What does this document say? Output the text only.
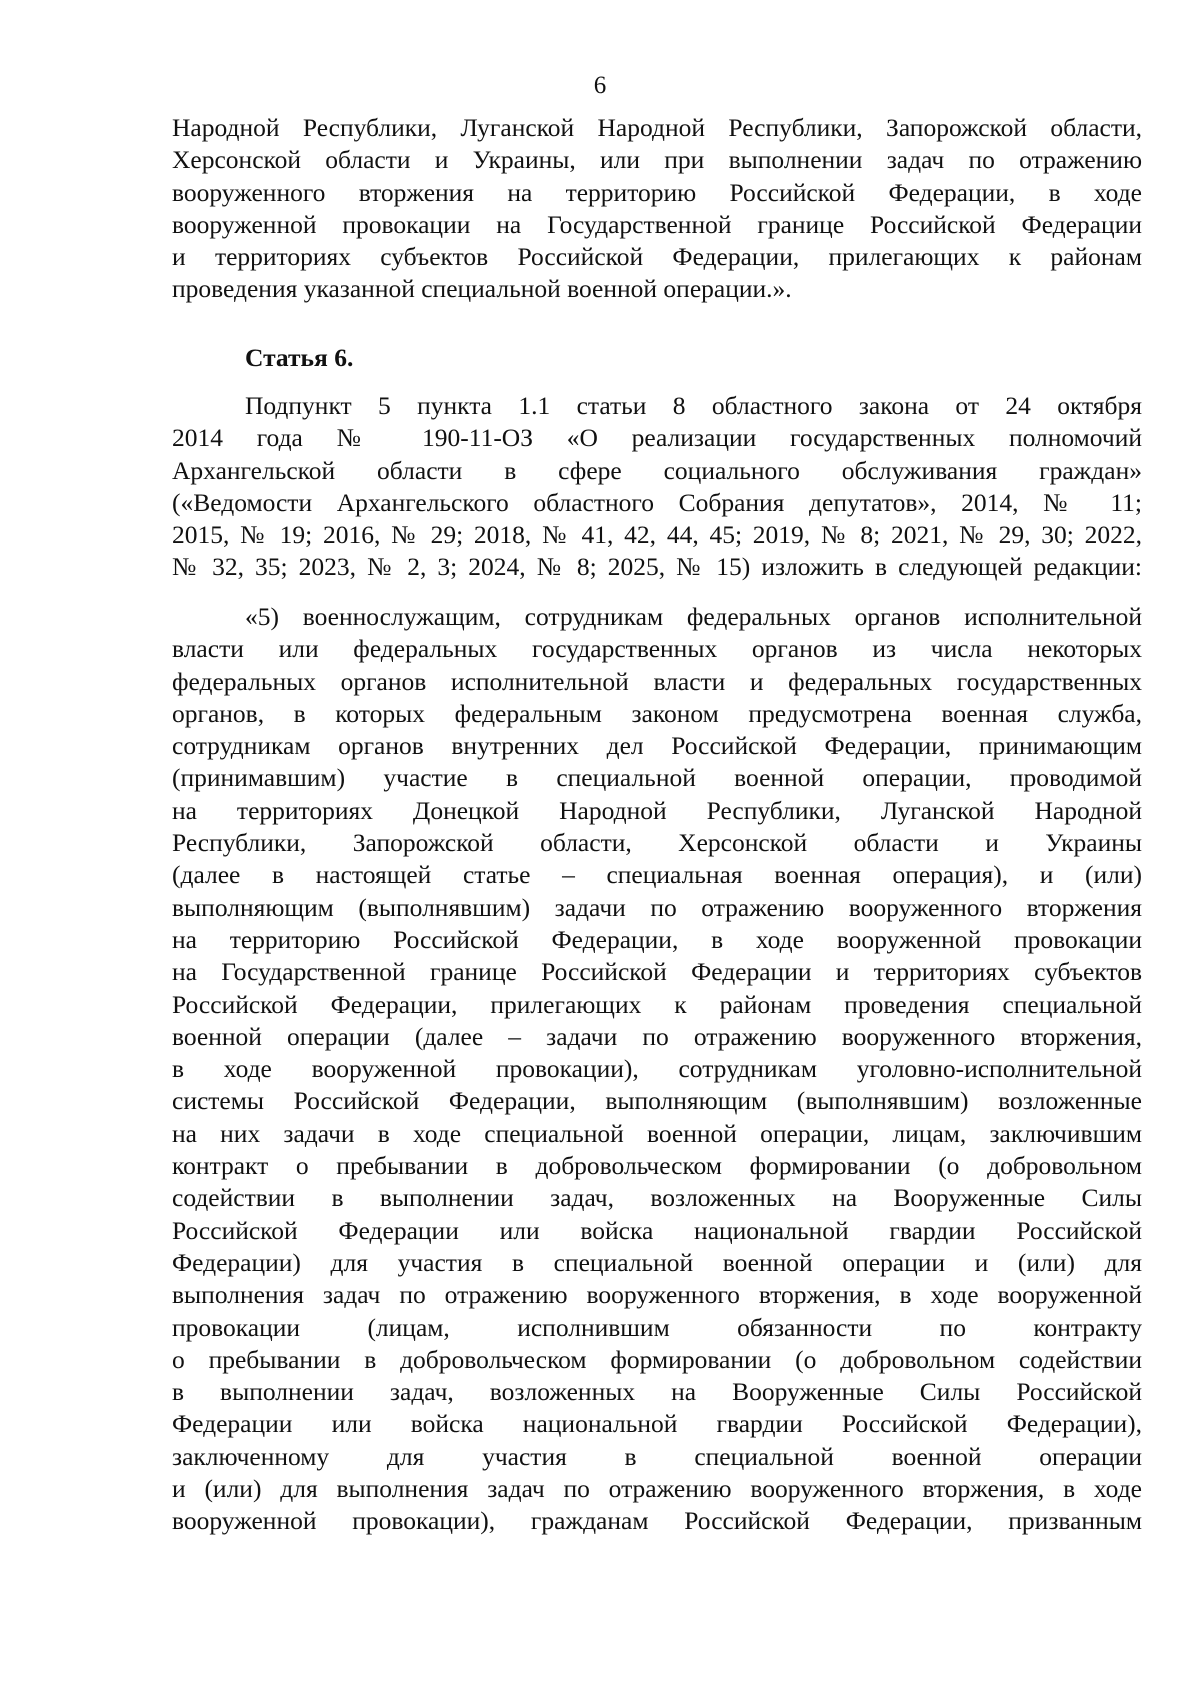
6
Народной Республики, Луганской Народной Республики, Запорожской области,
Херсонской области и Украины, или при выполнении задач по отражению
вооруженного вторжения на территорию Российской Федерации, в ходе
вооруженной провокации на Государственной границе Российской Федерации
и территориях субъектов Российской Федерации, прилегающих к районам
проведения указанной специальной военной операции.».
Статья 6.
Подпункт 5 пункта 1.1 статьи 8 областного закона от 24 октября
2014 года № 190-11-ОЗ «О реализации государственных полномочий
Архангельской области в сфере социального обслуживания граждан»
(«Ведомости Архангельского областного Собрания депутатов», 2014, № 11;
2015, № 19; 2016, № 29; 2018, № 41, 42, 44, 45; 2019, № 8; 2021, № 29, 30; 2022,
№ 32, 35; 2023, № 2, 3; 2024, № 8; 2025, № 15) изложить в следующей редакции:
«5) военнослужащим, сотрудникам федеральных органов исполнительной
власти или федеральных государственных органов из числа некоторых
федеральных органов исполнительной власти и федеральных государственных
органов, в которых федеральным законом предусмотрена военная служба,
сотрудникам органов внутренних дел Российской Федерации, принимающим
(принимавшим) участие в специальной военной операции, проводимой
на территориях Донецкой Народной Республики, Луганской Народной
Республики, Запорожской области, Херсонской области и Украины
(далее в настоящей статье – специальная военная операция), и (или)
выполняющим (выполнявшим) задачи по отражению вооруженного вторжения
на территорию Российской Федерации, в ходе вооруженной провокации
на Государственной границе Российской Федерации и территориях субъектов
Российской Федерации, прилегающих к районам проведения специальной
военной операции (далее – задачи по отражению вооруженного вторжения,
в ходе вооруженной провокации), сотрудникам уголовно-исполнительной
системы Российской Федерации, выполняющим (выполнявшим) возложенные
на них задачи в ходе специальной военной операции, лицам, заключившим
контракт о пребывании в добровольческом формировании (о добровольном
содействии в выполнении задач, возложенных на Вооруженные Силы
Российской Федерации или войска национальной гвардии Российской
Федерации) для участия в специальной военной операции и (или) для
выполнения задач по отражению вооруженного вторжения, в ходе вооруженной
провокации (лицам, исполнившим обязанности по контракту
о пребывании в добровольческом формировании (о добровольном содействии
в выполнении задач, возложенных на Вооруженные Силы Российской
Федерации или войска национальной гвардии Российской Федерации),
заключенному для участия в специальной военной операции
и (или) для выполнения задач по отражению вооруженного вторжения, в ходе
вооруженной провокации), гражданам Российской Федерации, призванным
